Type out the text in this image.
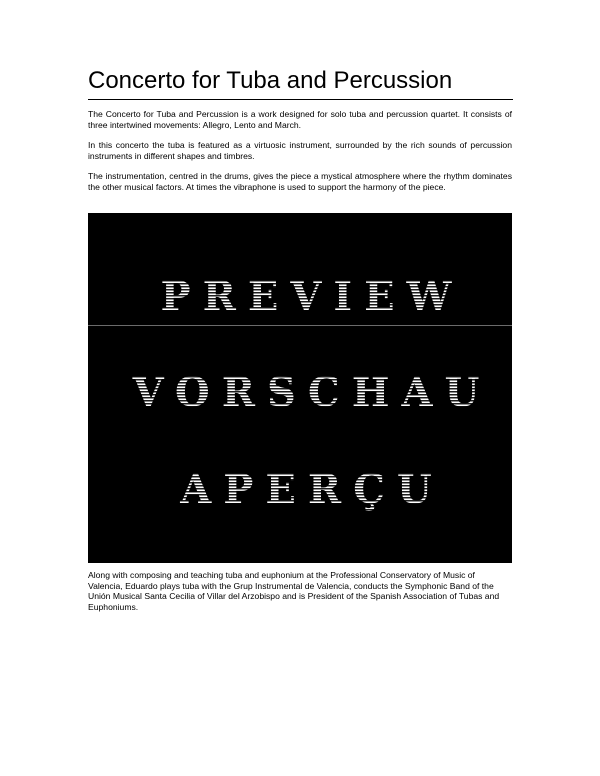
Concerto for Tuba and Percussion

The Concerto for Tuba and Percussion is a work designed for solo tuba and percussion quartet. It consists of three intertwined movements: Allegro, Lento and March.

In this concerto the tuba is featured as a virtuosic instrument, surrounded by the rich sounds of percussion instruments in different shapes and timbres.

The instrumentation, centred in the drums, gives the piece a mystical atmosphere where the rhythm dominates the other musical factors. At times the vibraphone is used to support the harmony of the piece.

PREVIEW
VORSCHAU
APERÇU

Along with composing and teaching tuba and euphonium at the Professional Conservatory of Music of Valencia, Eduardo plays tuba with the Grup Instrumental de Valencia, conducts the Symphonic Band of the Unión Musical Santa Cecilia of Villar del Arzobispo and is President of the Spanish Association of Tubas and Euphoniums.
